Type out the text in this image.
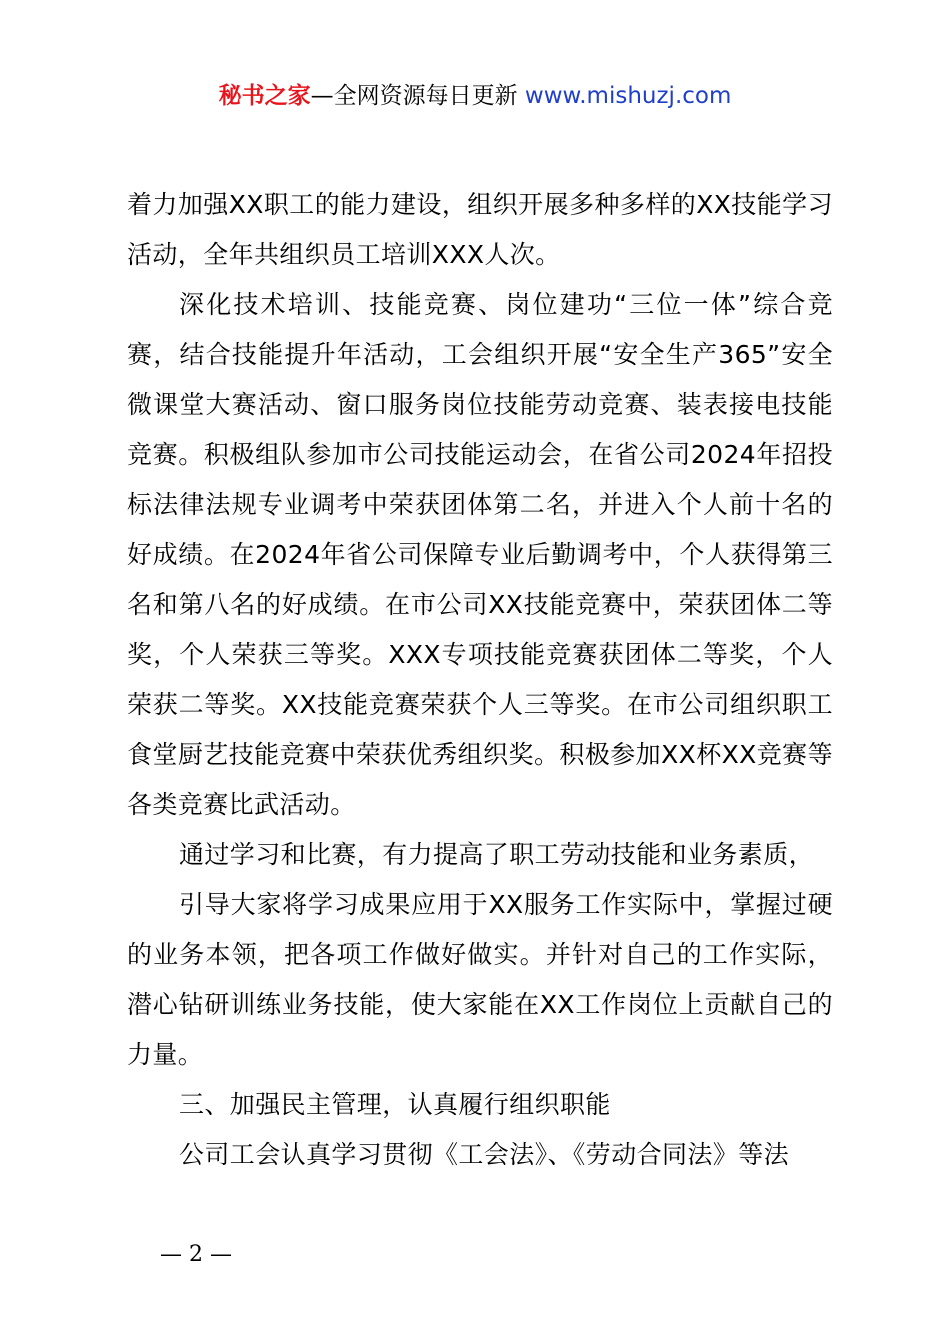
秘书之家—全网资源每日更新 www.mishuzj.com

着力加强XX职工的能力建设，组织开展多种多样的XX技能学习活动，全年共组织员工培训XXX人次。

深化技术培训、技能竞赛、岗位建功“三位一体”综合竞赛，结合技能提升年活动，工会组织开展“安全生产365”安全微课堂大赛活动、窗口服务岗位技能劳动竞赛、装表接电技能竞赛。积极组队参加市公司技能运动会，在省公司2024年招投标法律法规专业调考中荣获团体第二名，并进入个人前十名的好成绩。在2024年省公司保障专业后勤调考中，个人获得第三名和第八名的好成绩。在市公司XX技能竞赛中，荣获团体二等奖，个人荣获三等奖。XXX专项技能竞赛获团体二等奖，个人荣获二等奖。XX技能竞赛荣获个人三等奖。在市公司组织职工食堂厨艺技能竞赛中荣获优秀组织奖。积极参加XX杯XX竞赛等各类竞赛比武活动。

通过学习和比赛，有力提高了职工劳动技能和业务素质，

引导大家将学习成果应用于XX服务工作实际中，掌握过硬的业务本领，把各项工作做好做实。并针对自己的工作实际，潜心钻研训练业务技能，使大家能在XX工作岗位上贡献自己的力量。

三、加强民主管理，认真履行组织职能

公司工会认真学习贯彻《工会法》、《劳动合同法》等法

— 2 —
